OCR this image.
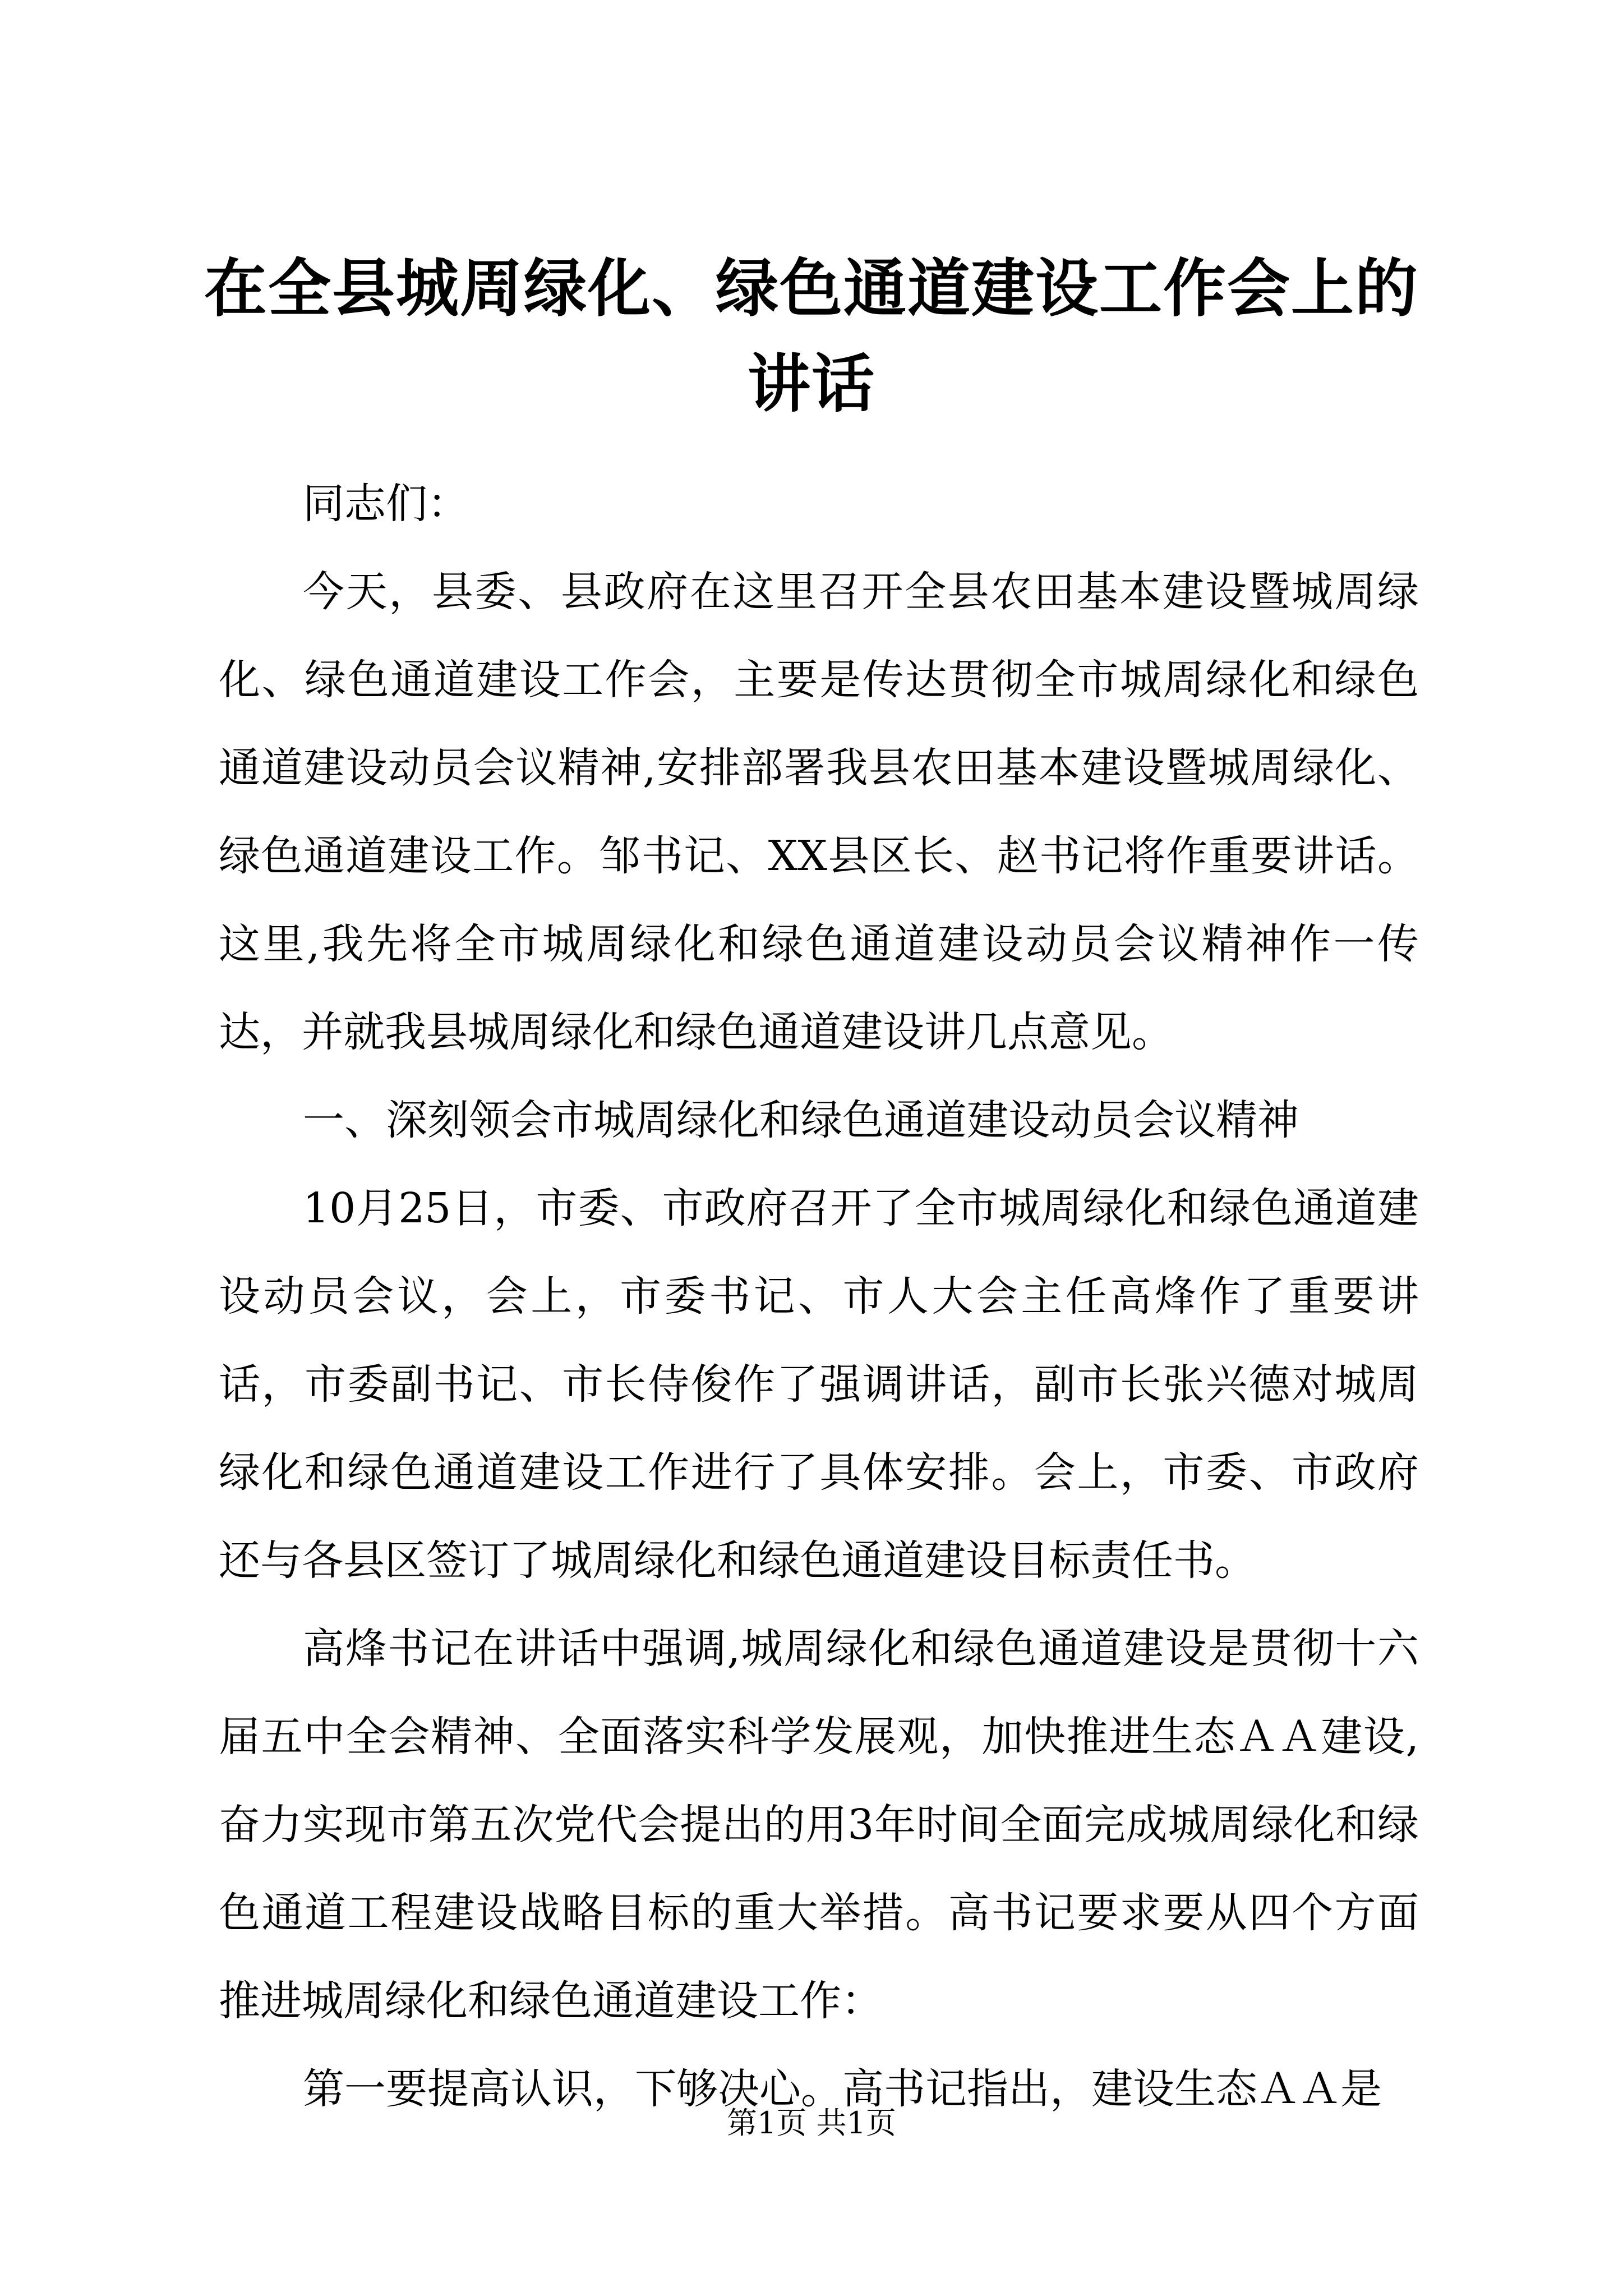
在全县城周绿化、绿色通道建设工作会上的讲话

同志们：

今天，县委、县政府在这里召开全县农田基本建设暨城周绿化、绿色通道建设工作会，主要是传达贯彻全市城周绿化和绿色通道建设动员会议精神,安排部署我县农田基本建设暨城周绿化、绿色通道建设工作。邹书记、XX县区长、赵书记将作重要讲话。这里,我先将全市城周绿化和绿色通道建设动员会议精神作一传达，并就我县城周绿化和绿色通道建设讲几点意见。

一、深刻领会市城周绿化和绿色通道建设动员会议精神

10月25日，市委、市政府召开了全市城周绿化和绿色通道建设动员会议，会上，市委书记、市人大会主任高烽作了重要讲话，市委副书记、市长侍俊作了强调讲话，副市长张兴德对城周绿化和绿色通道建设工作进行了具体安排。会上，市委、市政府还与各县区签订了城周绿化和绿色通道建设目标责任书。

高烽书记在讲话中强调,城周绿化和绿色通道建设是贯彻十六届五中全会精神、全面落实科学发展观，加快推进生态ＡＡ建设,奋力实现市第五次党代会提出的用3年时间全面完成城周绿化和绿色通道工程建设战略目标的重大举措。高书记要求要从四个方面推进城周绿化和绿色通道建设工作：

第一要提高认识，下够决心。高书记指出，建设生态ＡＡ是

第1页 共1页
